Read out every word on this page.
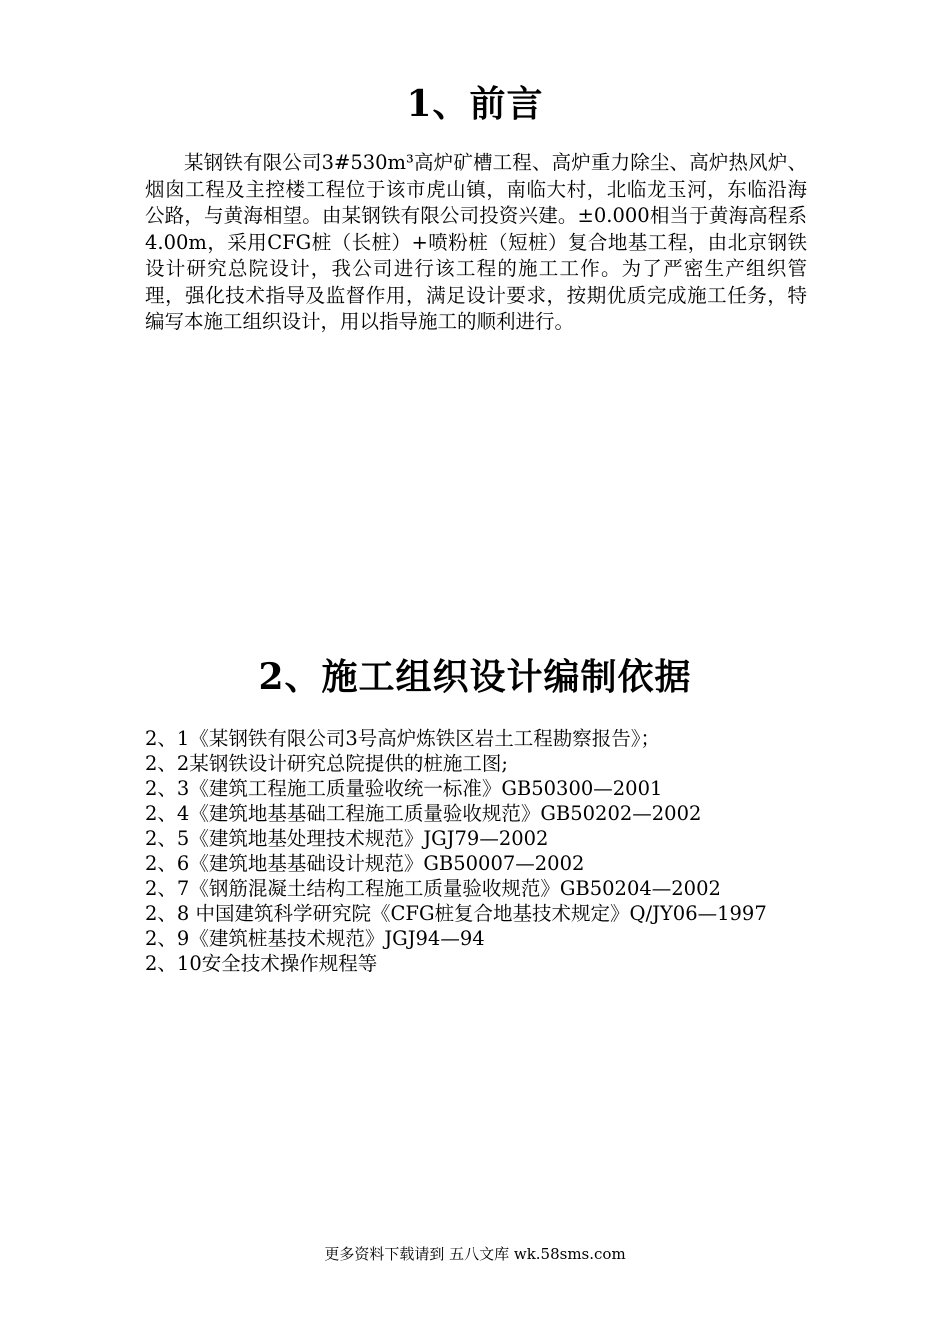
1、前言

某钢铁有限公司3#530m³高炉矿槽工程、高炉重力除尘、高炉热风炉、烟囱工程及主控楼工程位于该市虎山镇，南临大村，北临龙玉河，东临沿海公路，与黄海相望。由某钢铁有限公司投资兴建。±0.000相当于黄海高程系4.00m，采用CFG桩（长桩）+喷粉桩（短桩）复合地基工程，由北京钢铁设计研究总院设计，我公司进行该工程的施工工作。为了严密生产组织管理，强化技术指导及监督作用，满足设计要求，按期优质完成施工任务，特编写本施工组织设计，用以指导施工的顺利进行。

2、施工组织设计编制依据
2、1《某钢铁有限公司3号高炉炼铁区岩土工程勘察报告》；
2、2某钢铁设计研究总院提供的桩施工图;
2、3《建筑工程施工质量验收统一标准》GB50300—2001
2、4《建筑地基基础工程施工质量验收规范》GB50202—2002
2、5《建筑地基处理技术规范》JGJ79—2002
2、6《建筑地基基础设计规范》GB50007—2002
2、7《钢筋混凝土结构工程施工质量验收规范》GB50204—2002
2、8 中国建筑科学研究院《CFG桩复合地基技术规定》Q/JY06—1997
2、9《建筑桩基技术规范》JGJ94—94
2、10安全技术操作规程等
更多资料下载请到 五八文库 wk.58sms.com
